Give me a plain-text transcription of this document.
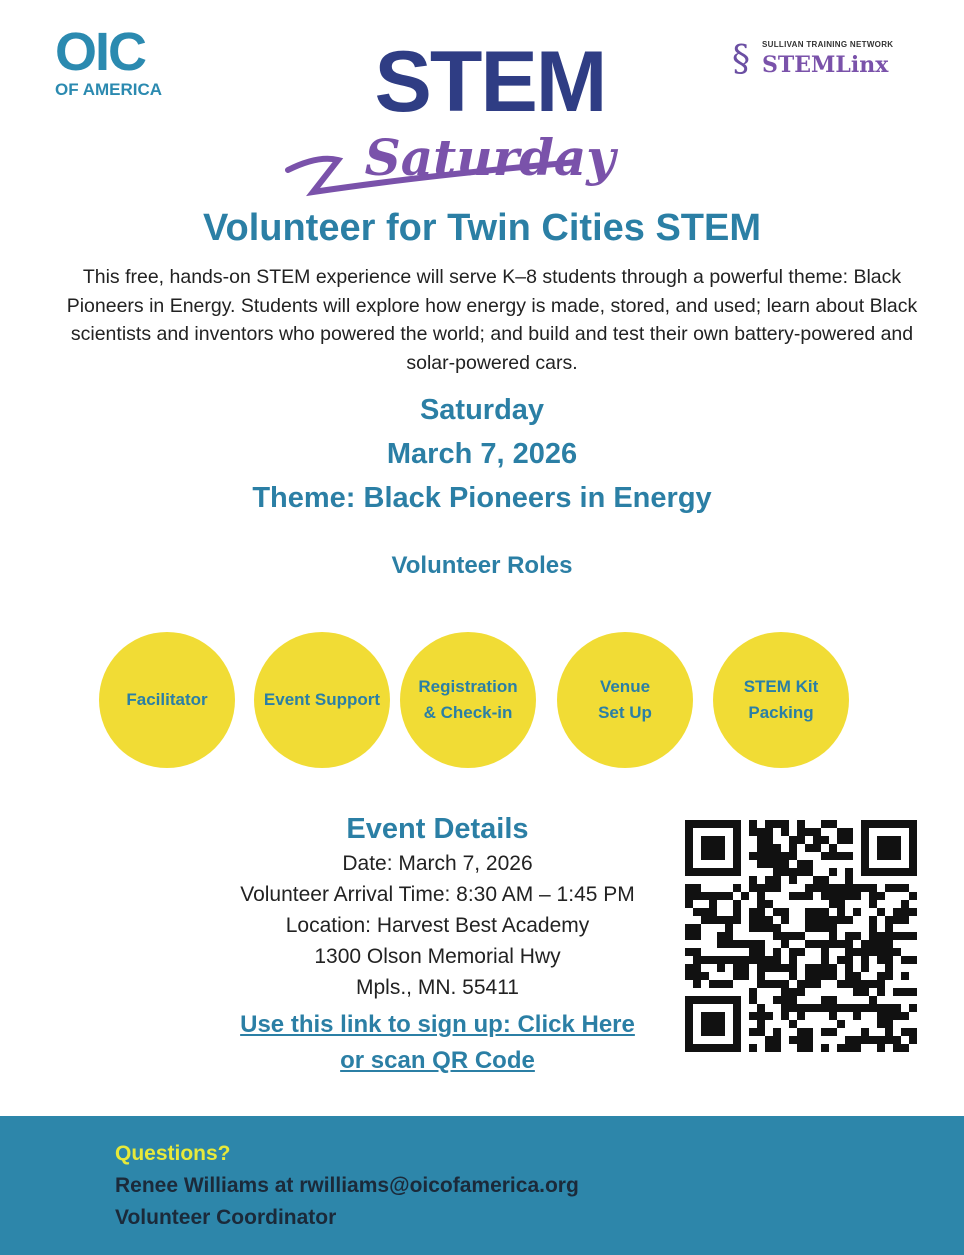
OIC
OF AMERICA	STEM
Saturday
§ SULLIVAN TRAINING NETWORK
STEMLinx
Volunteer for Twin Cities STEM

This free, hands-on STEM experience will serve K–8 students through a powerful theme: Black Pioneers in Energy. Students will explore how energy is made, stored, and used; learn about Black scientists and inventors who powered the world; and build and test their own battery-powered and solar-powered cars.

Saturday
March 7, 2026
Theme: Black Pioneers in Energy
Volunteer Roles
Facilitator	Event Support
Registration & Check-in
Venue Set Up
STEM Kit Packing
Event Details
Date: March 7, 2026
Volunteer Arrival Time: 8:30 AM – 1:45 PM
Location: Harvest Best Academy
1300 Olson Memorial Hwy
Mpls., MN. 55411
Use this link to sign up: Click Here
or scan QR Code
Questions?
Renee Williams at rwilliams@oicofamerica.org
Volunteer Coordinator
